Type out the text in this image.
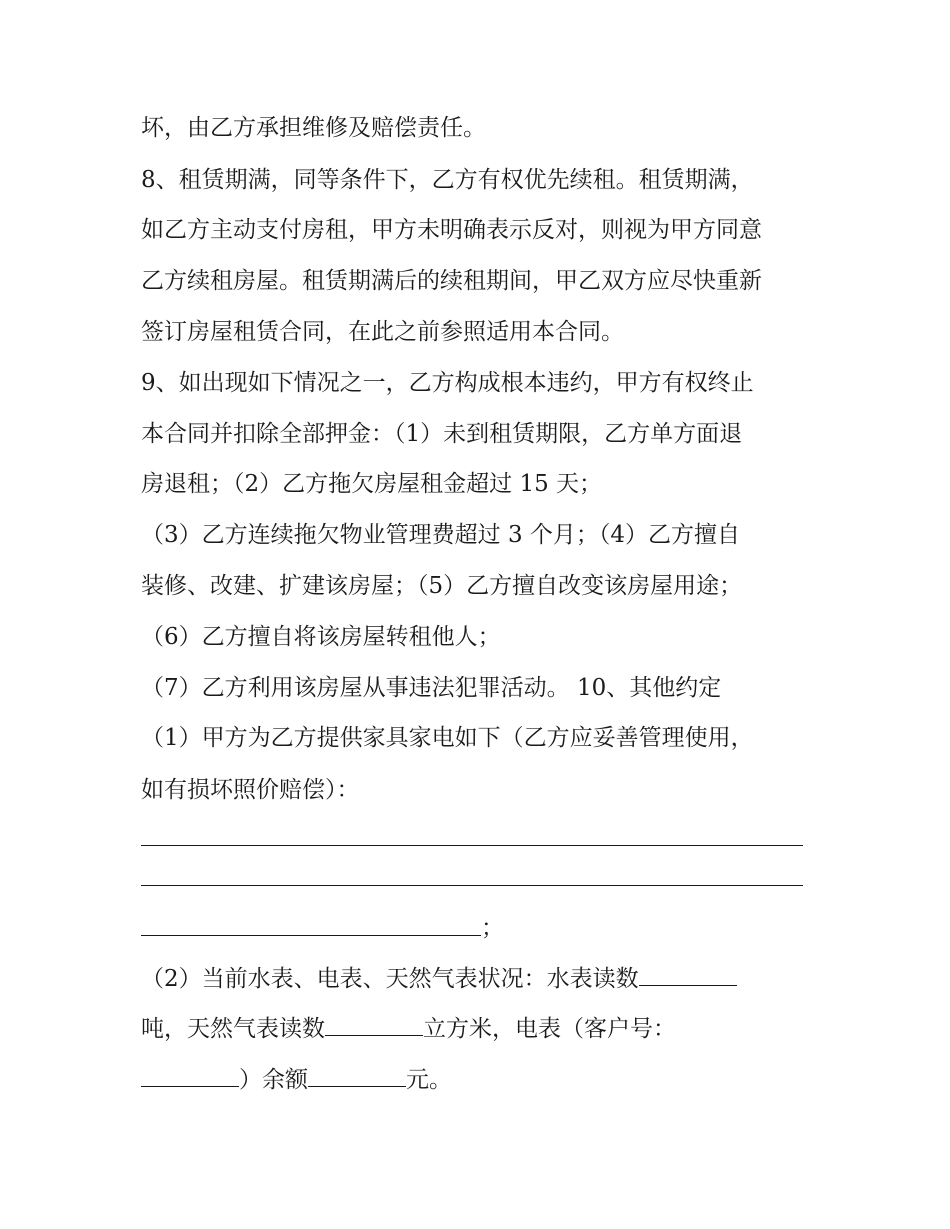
坏，由乙方承担维修及赔偿责任。
8、租赁期满，同等条件下，乙方有权优先续租。租赁期满，
如乙方主动支付房租，甲方未明确表示反对，则视为甲方同意
乙方续租房屋。租赁期满后的续租期间，甲乙双方应尽快重新
签订房屋租赁合同，在此之前参照适用本合同。
9、如出现如下情况之一，乙方构成根本违约，甲方有权终止
本合同并扣除全部押金：（1）未到租赁期限，乙方单方面退
房退租；（2）乙方拖欠房屋租金超过 15 天；
（3）乙方连续拖欠物业管理费超过 3 个月；（4）乙方擅自
装修、改建、扩建该房屋；（5）乙方擅自改变该房屋用途；
（6）乙方擅自将该房屋转租他人；
（7）乙方利用该房屋从事违法犯罪活动。 10、其他约定
（1）甲方为乙方提供家具家电如下（乙方应妥善管理使用，
如有损坏照价赔偿）：
；
（2）当前水表、电表、天然气表状况：水表读数
吨，天然气表读数	立方米，电表（客户号：
）余额	元。
